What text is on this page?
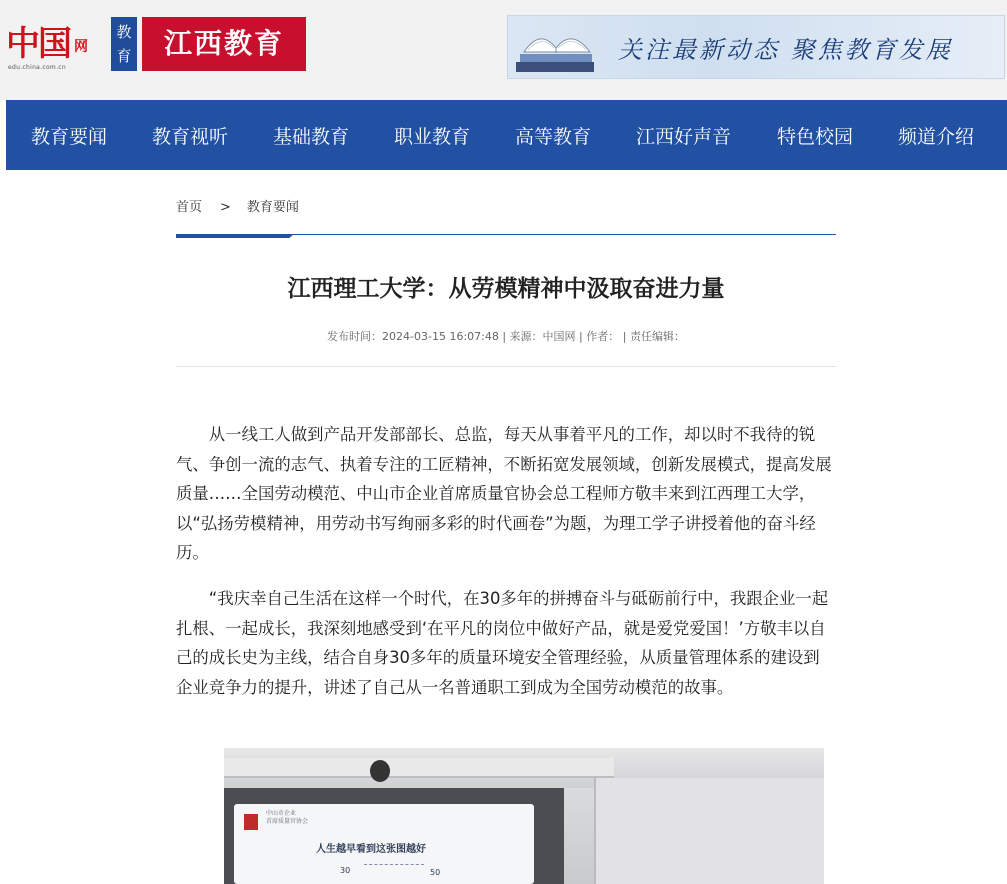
中国 网
edu.china.com.cn
教育	江西教育	关注最新动态 聚焦教育发展
教育要闻 教育视听 基础教育 职业教育 高等教育 江西好声音 特色校园 频道介绍
首页 > 教育要闻
江西理工大学：从劳模精神中汲取奋进力量
发布时间：2024-03-15 16:07:48 | 来源：中国网 | 作者： | 责任编辑：

从一线工人做到产品开发部部长、总监，每天从事着平凡的工作，却以时不我待的锐气、争创一流的志气、执着专注的工匠精神，不断拓宽发展领域，创新发展模式，提高发展质量……全国劳动模范、中山市企业首席质量官协会总工程师方敬丰来到江西理工大学，以“弘扬劳模精神，用劳动书写绚丽多彩的时代画卷”为题，为理工学子讲授着他的奋斗经历。

“我庆幸自己生活在这样一个时代，在30多年的拼搏奋斗与砥砺前行中，我跟企业一起扎根、一起成长，我深刻地感受到‘在平凡的岗位中做好产品，就是爱党爱国！’方敬丰以自己的成长史为主线，结合自身30多年的质量环境安全管理经验，从质量管理体系的建设到企业竞争力的提升，讲述了自己从一名普通职工到成为全国劳动模范的故事。

中山市企业
首席质量官协会
人生越早看到这张图越好
30	50
